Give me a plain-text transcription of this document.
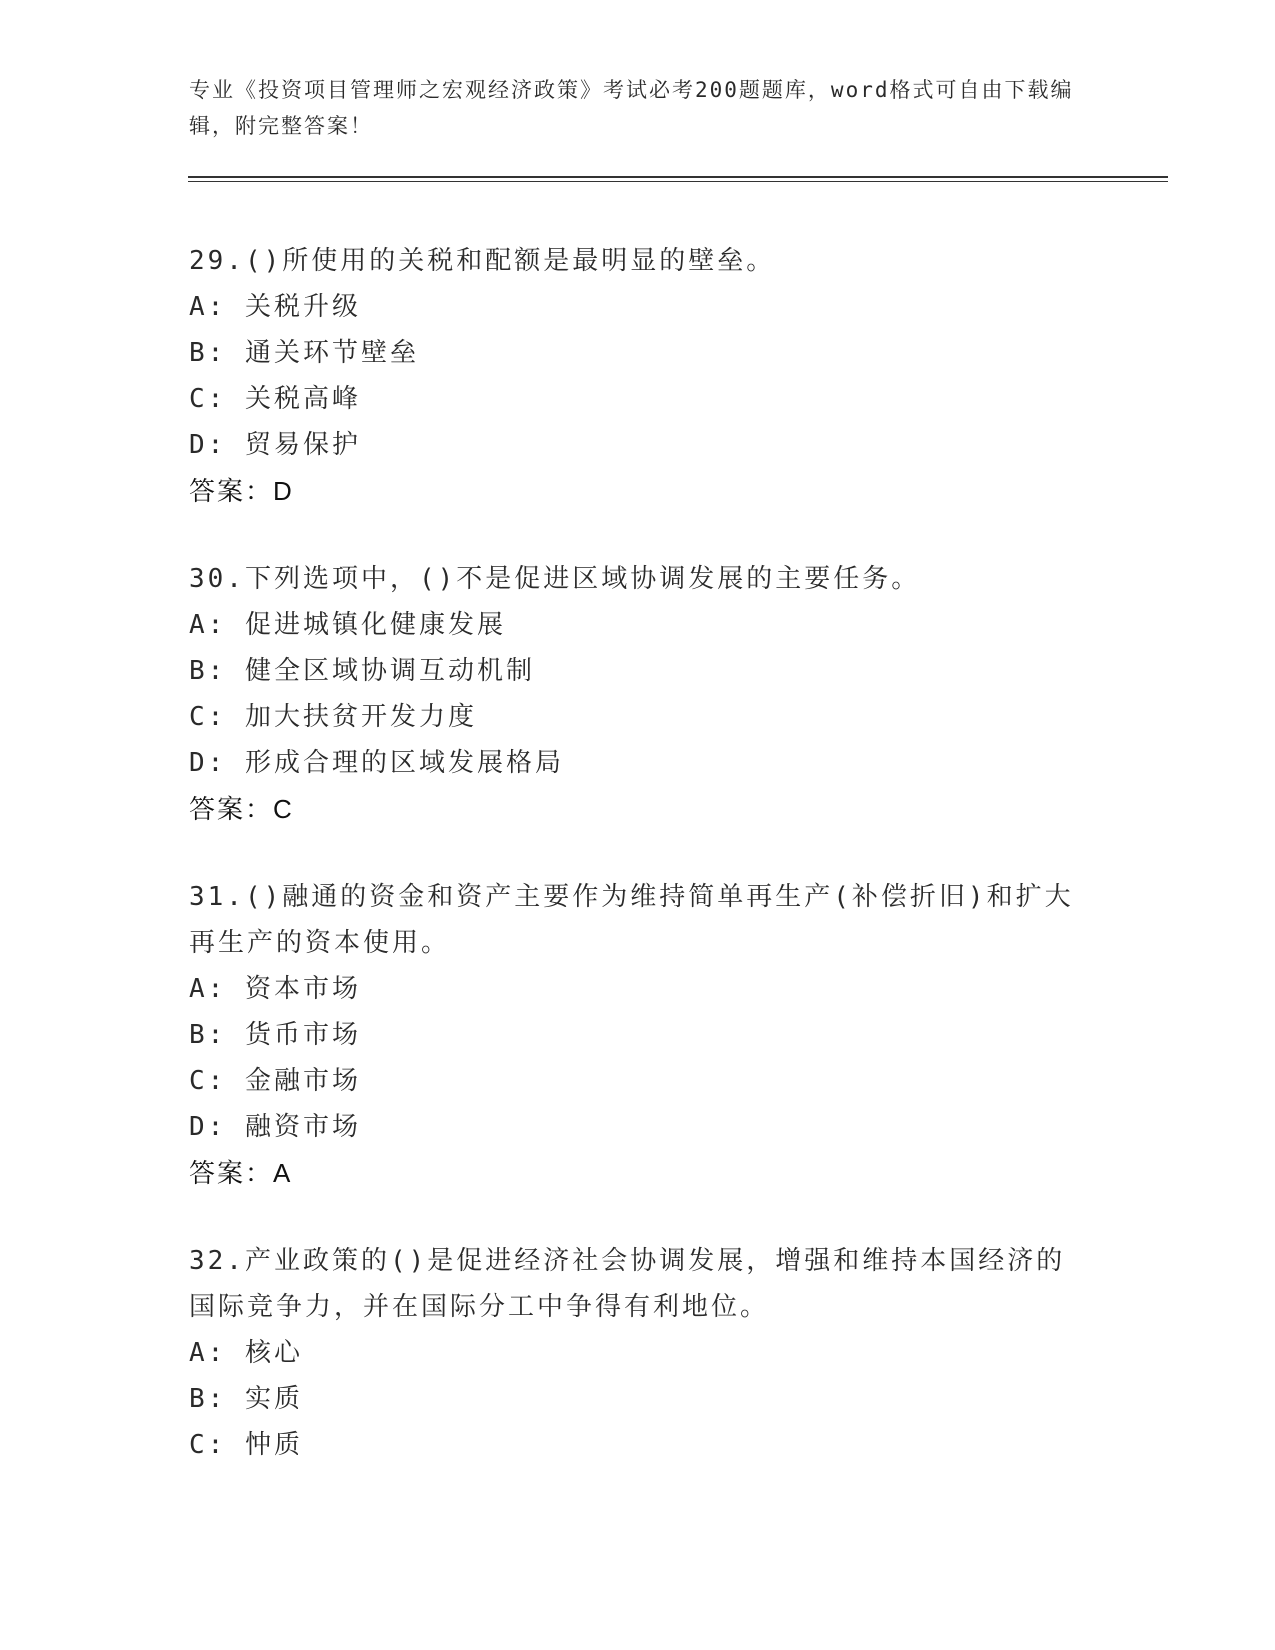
专业《投资项目管理师之宏观经济政策》考试必考200题题库，word格式可自由下载编辑，附完整答案！
29.()所使用的关税和配额是最明显的壁垒。
A: 关税升级
B: 通关环节壁垒
C: 关税高峰
D: 贸易保护
答案：D
30.下列选项中，()不是促进区域协调发展的主要任务。
A: 促进城镇化健康发展
B: 健全区域协调互动机制
C: 加大扶贫开发力度
D: 形成合理的区域发展格局
答案：C
31.()融通的资金和资产主要作为维持简单再生产(补偿折旧)和扩大再生产的资本使用。
A: 资本市场
B: 货币市场
C: 金融市场
D: 融资市场
答案：A
32.产业政策的()是促进经济社会协调发展，增强和维持本国经济的国际竞争力，并在国际分工中争得有利地位。
A: 核心
B: 实质
C: 忡质
